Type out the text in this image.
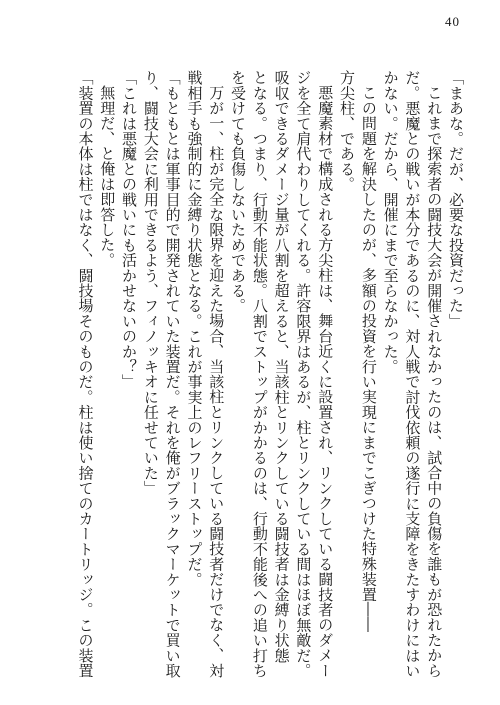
40
「まあな。だが、必要な投資だった」
これまで探索者の闘技大会が開催されなかったのは、試合中の負傷を誰もが恐れたから
だ。悪魔との戦いが本分であるのに、対人戦で討伐依頼の遂行に支障をきたすわけにはい
かない。だから、開催にまで至らなかった。
この問題を解決したのが、多額の投資を行い実現にまでこぎつけた特殊装置――
方尖柱、である。
悪魔素材で構成される方尖柱は、舞台近くに設置され、リンクしている闘技者のダメー
ジを全て肩代わりしてくれる。許容限界はあるが、柱とリンクしている間はほぼ無敵だ。
吸収できるダメージ量が八割を超えると、当該柱とリンクしている闘技者は金縛り状態
となる。つまり、行動不能状態。八割でストップがかかるのは、行動不能後への追い打ち
を受けても負傷しないためである。
万が一、柱が完全な限界を迎えた場合、当該柱とリンクしている闘技者だけでなく、対
戦相手も強制的に金縛り状態となる。これが事実上のレフリーストップだ。
「もともとは軍事目的で開発されていた装置だ。それを俺がブラックマーケットで買い取
り、闘技大会に利用できるよう、フィノッキオに任せていた」
「これは悪魔との戦いにも活かせないのか？」
無理だ、と俺は即答した。
「装置の本体は柱ではなく、闘技場そのものだ。柱は使い捨てのカートリッジ。この装置
